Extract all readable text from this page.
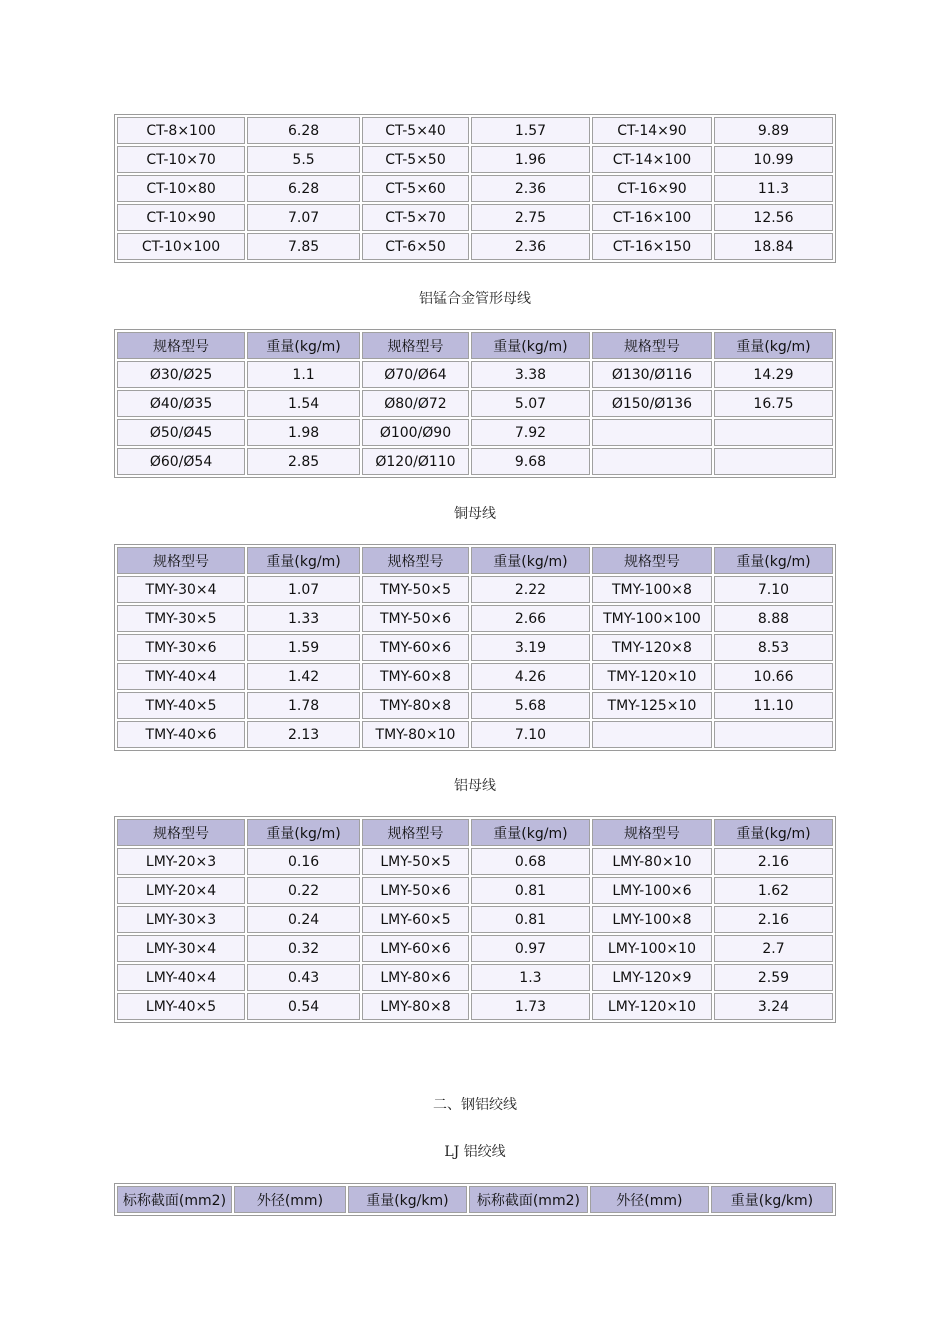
CT-8×100	6.28	CT-5×40	1.57	CT-14×90	9.89
CT-10×70	5.5	CT-5×50	1.96	CT-14×100	10.99
CT-10×80	6.28	CT-5×60	2.36	CT-16×90	11.3
CT-10×90	7.07	CT-5×70	2.75	CT-16×100	12.56
CT-10×100	7.85	CT-6×50	2.36	CT-16×150	18.84
铝锰合金管形母线
规格型号	重量(kg/m)	规格型号	重量(kg/m)	规格型号	重量(kg/m)
Ø30/Ø25	1.1	Ø70/Ø64	3.38	Ø130/Ø116	14.29
Ø40/Ø35	1.54	Ø80/Ø72	5.07	Ø150/Ø136	16.75
Ø50/Ø45	1.98	Ø100/Ø90	7.92		
Ø60/Ø54	2.85	Ø120/Ø110	9.68		
铜母线
规格型号	重量(kg/m)	规格型号	重量(kg/m)	规格型号	重量(kg/m)
TMY-30×4	1.07	TMY-50×5	2.22	TMY-100×8	7.10
TMY-30×5	1.33	TMY-50×6	2.66	TMY-100×100	8.88
TMY-30×6	1.59	TMY-60×6	3.19	TMY-120×8	8.53
TMY-40×4	1.42	TMY-60×8	4.26	TMY-120×10	10.66
TMY-40×5	1.78	TMY-80×8	5.68	TMY-125×10	11.10
TMY-40×6	2.13	TMY-80×10	7.10		
铝母线
规格型号	重量(kg/m)	规格型号	重量(kg/m)	规格型号	重量(kg/m)
LMY-20×3	0.16	LMY-50×5	0.68	LMY-80×10	2.16
LMY-20×4	0.22	LMY-50×6	0.81	LMY-100×6	1.62
LMY-30×3	0.24	LMY-60×5	0.81	LMY-100×8	2.16
LMY-30×4	0.32	LMY-60×6	0.97	LMY-100×10	2.7
LMY-40×4	0.43	LMY-80×6	1.3	LMY-120×9	2.59
LMY-40×5	0.54	LMY-80×8	1.73	LMY-120×10	3.24
二、钢铝绞线
LJ 铝绞线
标称截面(mm2)	外径(mm)	重量(kg/km)	标称截面(mm2)	外径(mm)	重量(kg/km)
